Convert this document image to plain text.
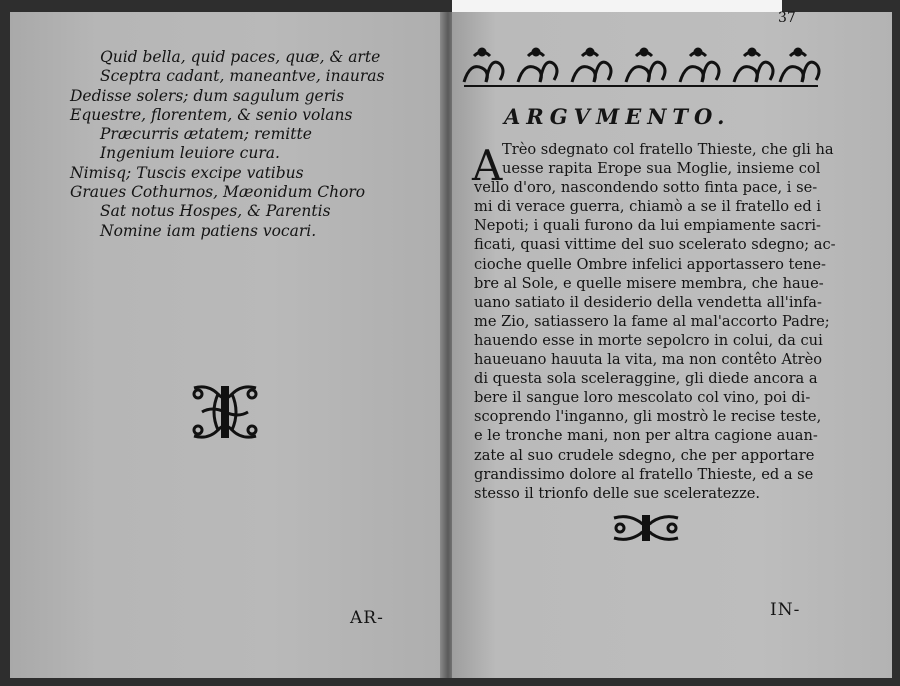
Quid bella, quid paces, quæ, & arte
Sceptra cadant, maneantve, inauras
Dedisse solers; dum sagulum geris
Equestre, florentem, & senio volans
Præcurris ætatem; remitte
Ingenium leuiore cura.
Nimisq; Tuscis excipe vatibus
Graues Cothurnos, Mæonidum Choro
Sat notus Hospes, & Parentis
Nomine iam patiens vocari.
AR-
37
ARGVMENTO.
A Trèo sdegnato col fratello Thieste, che gli ha
uesse rapita Erope sua Moglie, insieme col
vello d'oro, nascondendo sotto finta pace, i se-
mi di verace guerra, chiamò a se il fratello ed i
Nepoti; i quali furono da lui empiamente sacri-
ficati, quasi vittime del suo scelerato sdegno; ac-
cioche quelle Ombre infelici apportassero tene-
bre al Sole, e quelle misere membra, che haue-
uano satiato il desiderio della vendetta all'infa-
me Zio, satiassero la fame al mal'accorto Padre;
hauendo esse in morte sepolcro in colui, da cui
haueuano hauuta la vita, ma non contêto Atrèo
di questa sola sceleraggine, gli diede ancora a
bere il sangue loro mescolato col vino, poi di-
scoprendo l'inganno, gli mostrò le recise teste,
e le tronche mani, non per altra cagione auan-
zate al suo crudele sdegno, che per apportare
grandissimo dolore al fratello Thieste, ed a se
stesso il trionfo delle sue sceleratezze.
IN-
